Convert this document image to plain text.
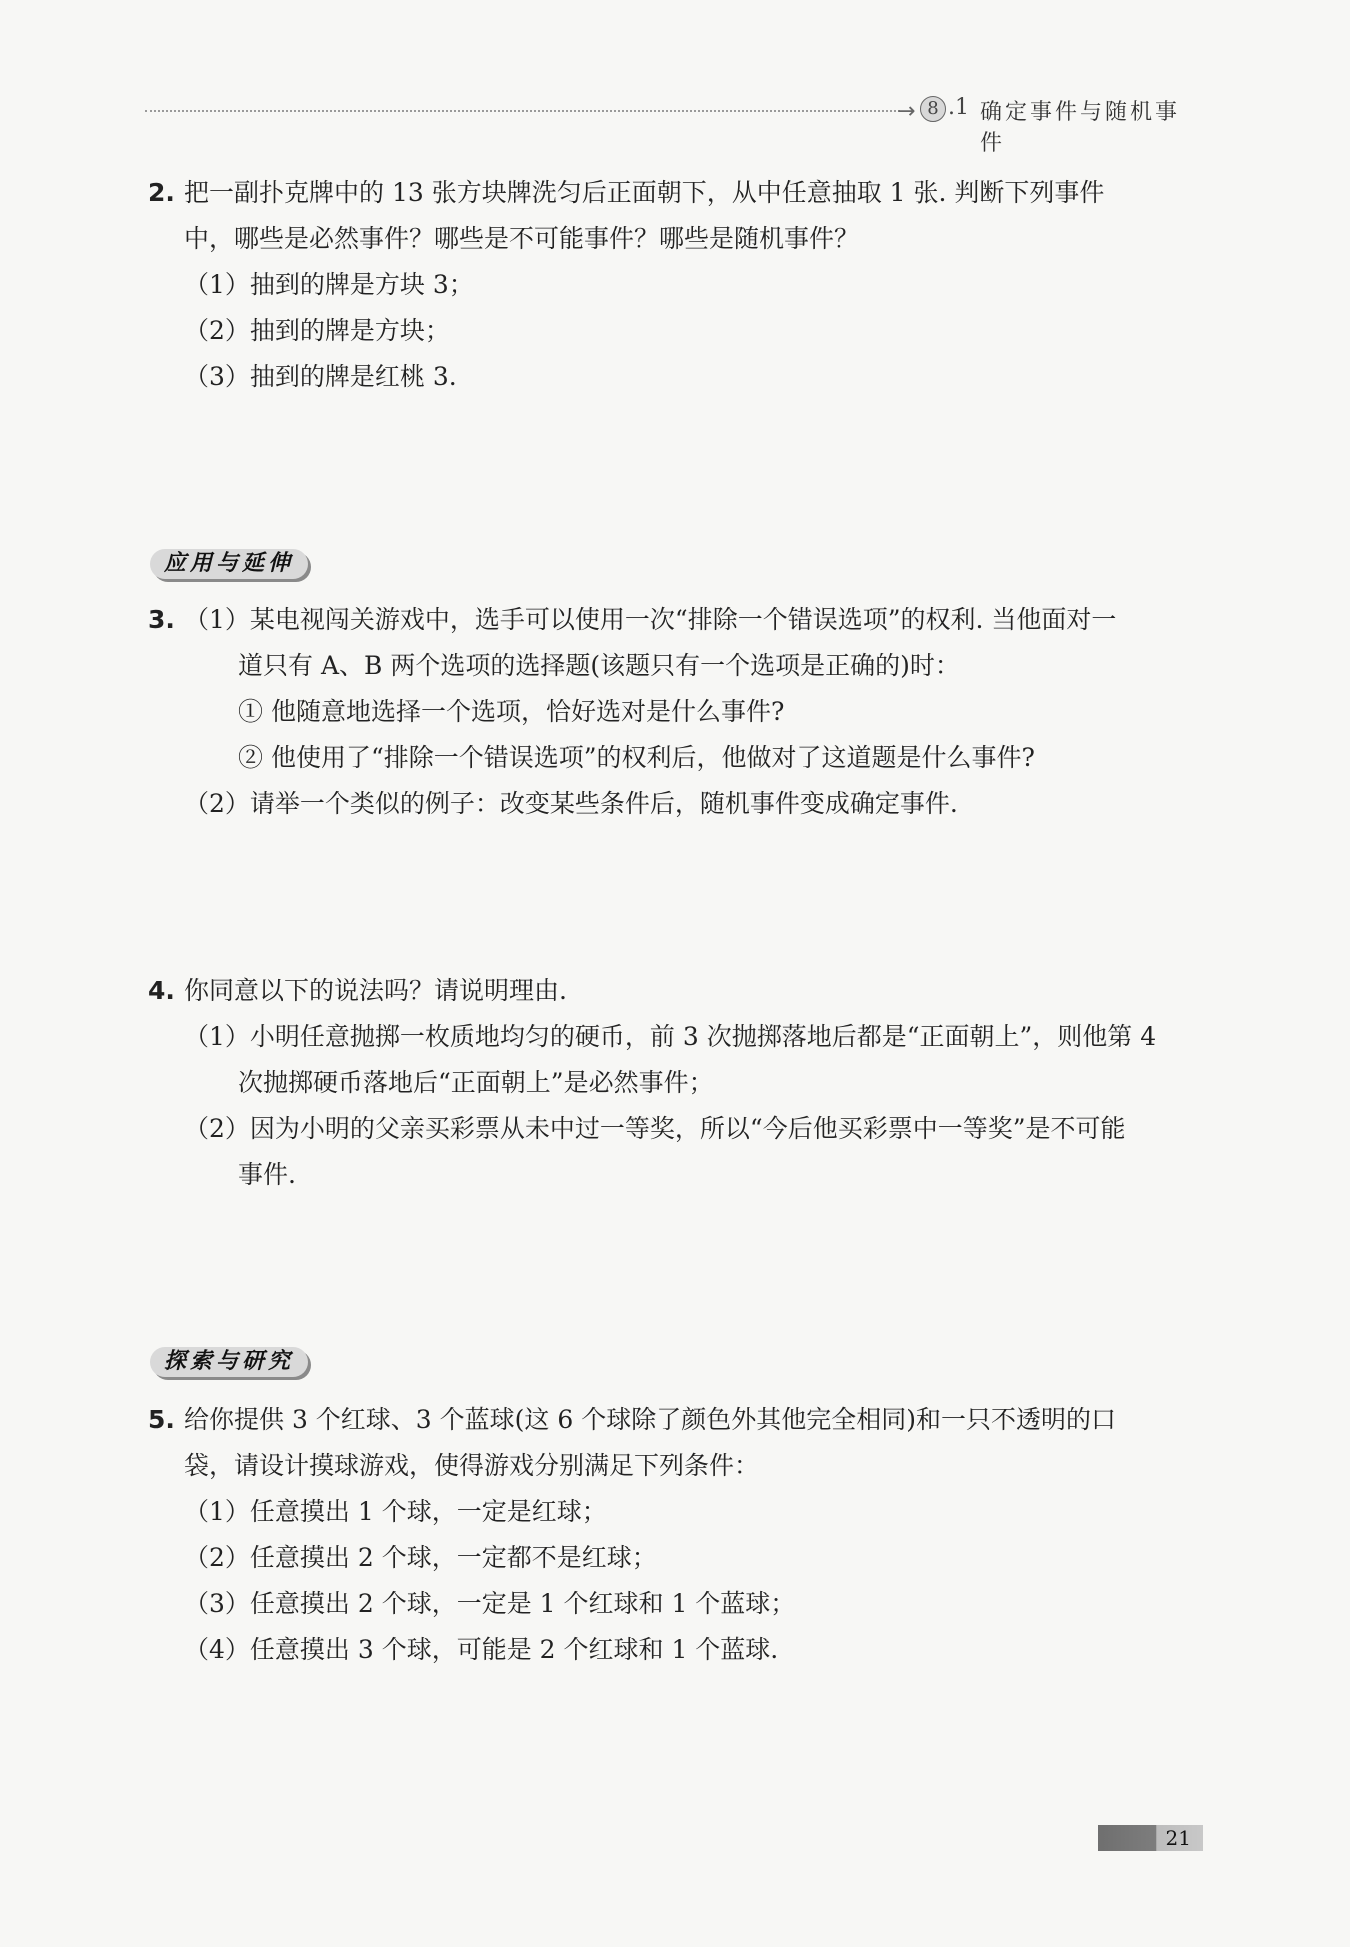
→ 8 .1 确定事件与随机事件
2. 把一副扑克牌中的 13 张方块牌洗匀后正面朝下，从中任意抽取 1 张. 判断下列事件
中，哪些是必然事件？哪些是不可能事件？哪些是随机事件？
（1）抽到的牌是方块 3；
（2）抽到的牌是方块；
（3）抽到的牌是红桃 3.
应用与延伸
3. （1）某电视闯关游戏中，选手可以使用一次“排除一个错误选项”的权利. 当他面对一
道只有 A、B 两个选项的选择题(该题只有一个选项是正确的)时：
① 他随意地选择一个选项，恰好选对是什么事件?
② 他使用了“排除一个错误选项”的权利后，他做对了这道题是什么事件?
（2）请举一个类似的例子：改变某些条件后，随机事件变成确定事件.
4. 你同意以下的说法吗？请说明理由.
（1）小明任意抛掷一枚质地均匀的硬币，前 3 次抛掷落地后都是“正面朝上”，则他第 4
次抛掷硬币落地后“正面朝上”是必然事件；
（2）因为小明的父亲买彩票从未中过一等奖，所以“今后他买彩票中一等奖”是不可能
事件.
探索与研究
5. 给你提供 3 个红球、3 个蓝球(这 6 个球除了颜色外其他完全相同)和一只不透明的口
袋，请设计摸球游戏，使得游戏分别满足下列条件：
（1）任意摸出 1 个球，一定是红球；
（2）任意摸出 2 个球，一定都不是红球；
（3）任意摸出 2 个球，一定是 1 个红球和 1 个蓝球；
（4）任意摸出 3 个球，可能是 2 个红球和 1 个蓝球.
21
